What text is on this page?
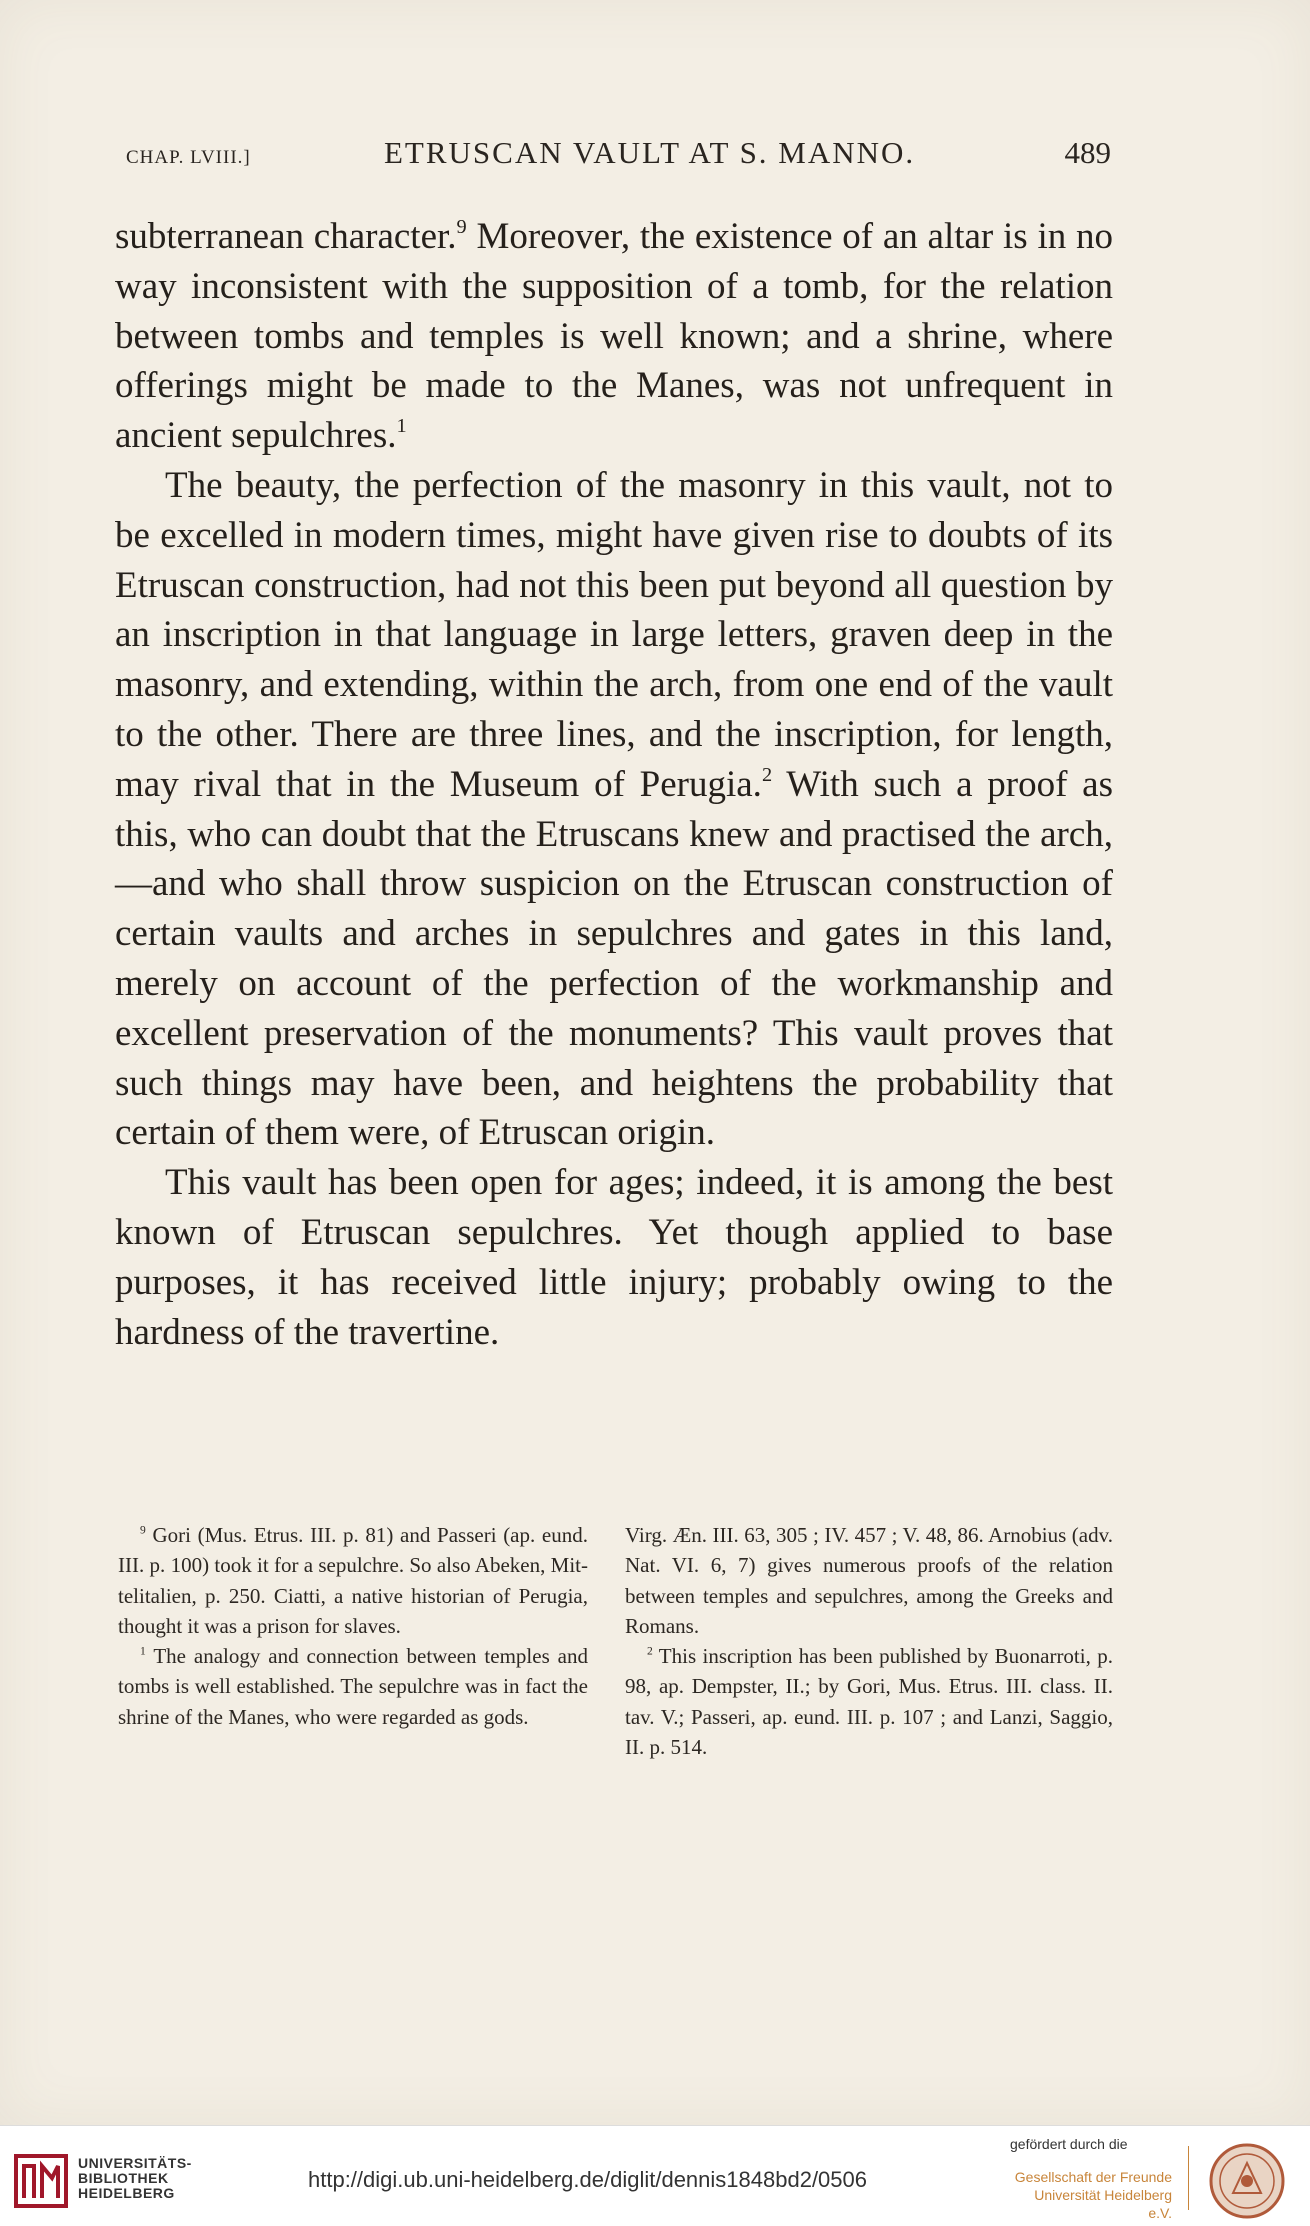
CHAP. LVIII.]	ETRUSCAN VAULT AT S. MANNO.	489

subterranean character.$^9$ Moreover, the existence of an altar is in no way inconsistent with the supposition of a tomb, for the relation between tombs and temples is well known; and a shrine, where offerings might be made to the Manes, was not unfrequent in ancient sepulchres.$^1$

The beauty, the perfection of the masonry in this vault, not to be excelled in modern times, might have given rise to doubts of its Etruscan construction, had not this been put beyond all question by an inscription in that language in large letters, graven deep in the masonry, and extending, within the arch, from one end of the vault to the other. There are three lines, and the inscription, for length, may rival that in the Museum of Perugia.$^2$ With such a proof as this, who can doubt that the Etruscans knew and practised the arch,—and who shall throw suspicion on the Etruscan construction of certain vaults and arches in sepulchres and gates in this land, merely on account of the perfection of the workmanship and excellent preservation of the monuments? This vault proves that such things may have been, and heightens the probability that certain of them were, of Etruscan origin.

This vault has been open for ages; indeed, it is among the best known of Etruscan sepulchres. Yet though applied to base purposes, it has received little injury; probably owing to the hardness of the travertine.

$^9$ Gori (Mus. Etrus. III. p. 81) and Passeri (ap. eund. III. p. 100) took it for a sepulchre. So also Abeken, Mittelitalien, p. 250. Ciatti, a native historian of Perugia, thought it was a prison for slaves.

$^1$ The analogy and connection between temples and tombs is well established. The sepulchre was in fact the shrine of the Manes, who were regarded as gods.

Virg. Æn. III. 63, 305 ; IV. 457 ; V. 48, 86. Arnobius (adv. Nat. VI. 6, 7) gives numerous proofs of the relation between temples and sepulchres, among the Greeks and Romans.

$^2$ This inscription has been published by Buonarroti, p. 98, ap. Dempster, II.; by Gori, Mus. Etrus. III. class. II. tav. V.; Passeri, ap. eund. III. p. 107 ; and Lanzi, Saggio, II. p. 514.

UNIVERSITÄTS-
BIBLIOTHEK
HEIDELBERG
http://digi.ub.uni-heidelberg.de/diglit/dennis1848bd2/0506
gefördert durch die
Gesellschaft der Freunde
Universität Heidelberg e.V.
